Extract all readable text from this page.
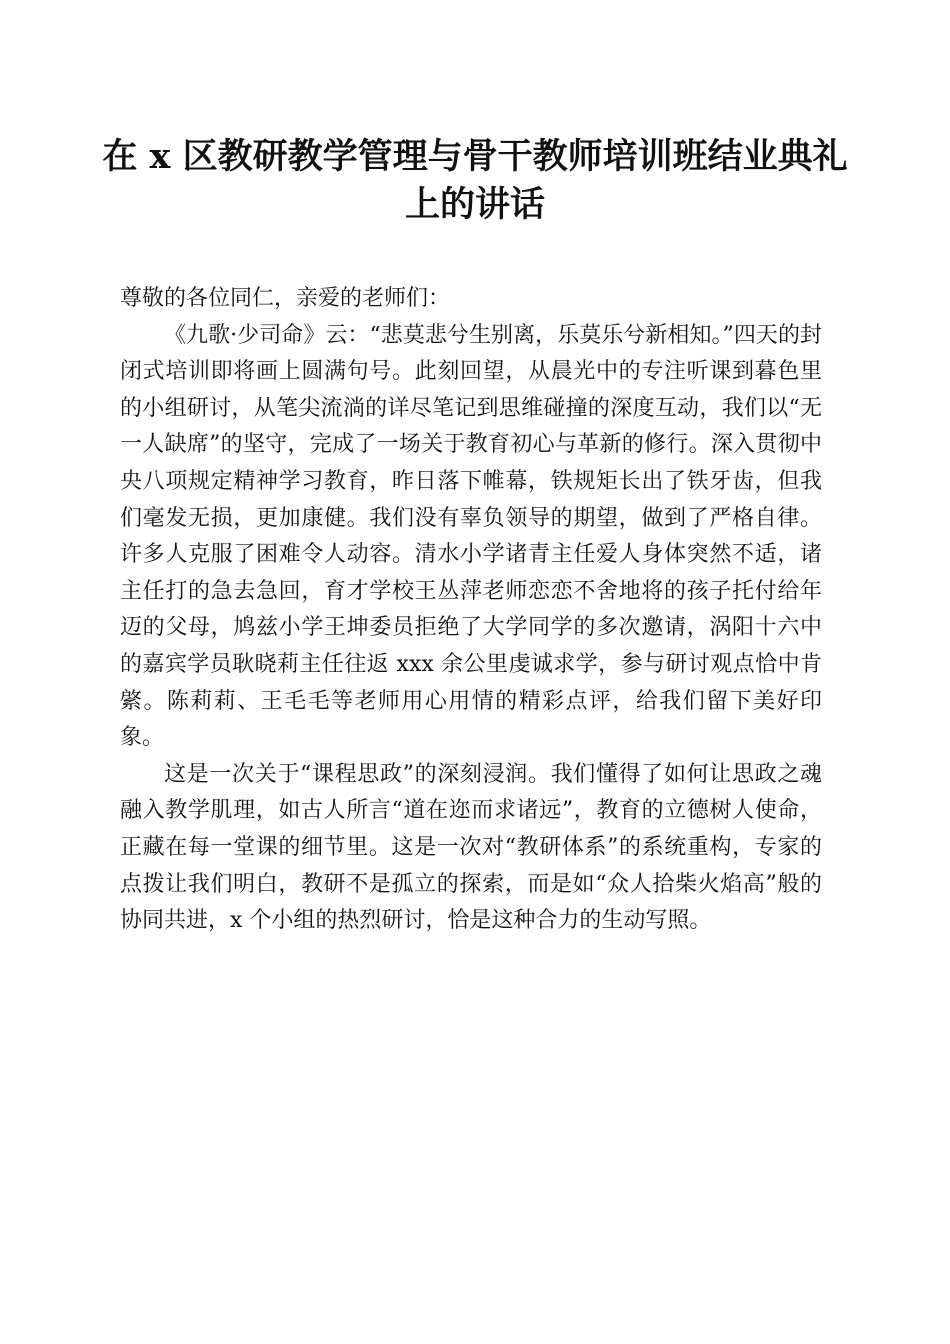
在 x 区教研教学管理与骨干教师培训班结业典礼上的讲话

尊敬的各位同仁，亲爱的老师们：

《九歌·少司命》云：“悲莫悲兮生别离，乐莫乐兮新相知。”四天的封闭式培训即将画上圆满句号。此刻回望，从晨光中的专注听课到暮色里的小组研讨，从笔尖流淌的详尽笔记到思维碰撞的深度互动，我们以“无一人缺席”的坚守，完成了一场关于教育初心与革新的修行。深入贯彻中央八项规定精神学习教育，昨日落下帷幕，铁规矩长出了铁牙齿，但我们毫发无损，更加康健。我们没有辜负领导的期望，做到了严格自律。许多人克服了困难令人动容。清水小学诸青主任爱人身体突然不适，诸主任打的急去急回，育才学校王丛萍老师恋恋不舍地将的孩子托付给年迈的父母，鸠兹小学王坤委员拒绝了大学同学的多次邀请，涡阳十六中的嘉宾学员耿晓莉主任往返 xxx 余公里虔诚求学，参与研讨观点恰中肯綮。陈莉莉、王毛毛等老师用心用情的精彩点评，给我们留下美好印象。

这是一次关于“课程思政”的深刻浸润。我们懂得了如何让思政之魂融入教学肌理，如古人所言“道在迩而求诸远”，教育的立德树人使命，正藏在每一堂课的细节里。这是一次对“教研体系”的系统重构，专家的点拨让我们明白，教研不是孤立的探索，而是如“众人拾柴火焰高”般的协同共进，x 个小组的热烈研讨，恰是这种合力的生动写照。
